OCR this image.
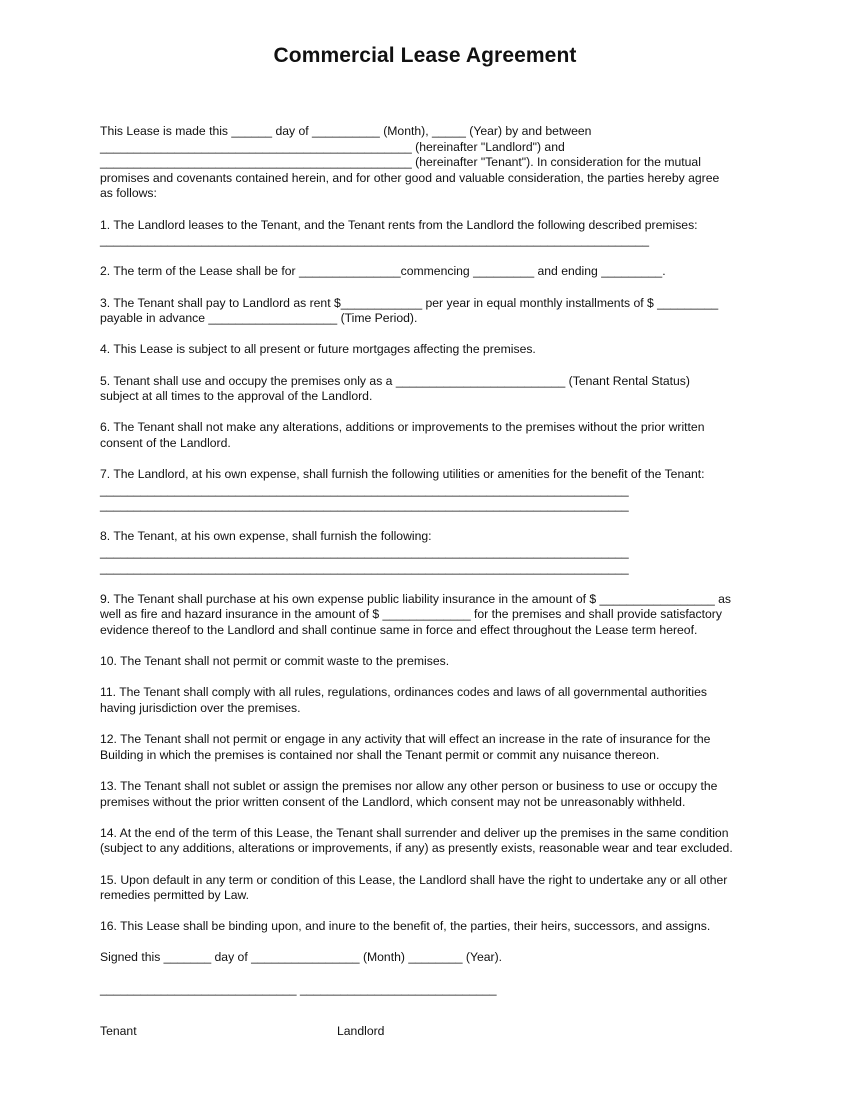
Commercial Lease Agreement
This Lease is made this ______ day of __________ (Month), _____ (Year) by and between
______________________________________________ (hereinafter "Landlord") and
______________________________________________ (hereinafter "Tenant"). In consideration for the mutual
promises and covenants contained herein, and for other good and valuable consideration, the parties hereby agree
as follows:
1. The Landlord leases to the Tenant, and the Tenant rents from the Landlord the following described premises:
_________________________________________________________________________________
2. The term of the Lease shall be for _______________commencing _________ and ending _________.
3. The Tenant shall pay to Landlord as rent $____________ per year in equal monthly installments of $ _________
payable in advance ___________________ (Time Period).
4. This Lease is subject to all present or future mortgages affecting the premises.
5. Tenant shall use and occupy the premises only as a _________________________ (Tenant Rental Status)
subject at all times to the approval of the Landlord.
6. The Tenant shall not make any alterations, additions or improvements to the premises without the prior written
consent of the Landlord.
7. The Landlord, at his own expense, shall furnish the following utilities or amenities for the benefit of the Tenant:
______________________________________________________________________________
______________________________________________________________________________
8. The Tenant, at his own expense, shall furnish the following:
______________________________________________________________________________
______________________________________________________________________________
9. The Tenant shall purchase at his own expense public liability insurance in the amount of $ _________________ as
well as fire and hazard insurance in the amount of $ _____________ for the premises and shall provide satisfactory
evidence thereof to the Landlord and shall continue same in force and effect throughout the Lease term hereof.
10. The Tenant shall not permit or commit waste to the premises.
11. The Tenant shall comply with all rules, regulations, ordinances codes and laws of all governmental authorities
having jurisdiction over the premises.
12. The Tenant shall not permit or engage in any activity that will effect an increase in the rate of insurance for the
Building in which the premises is contained nor shall the Tenant permit or commit any nuisance thereon.
13. The Tenant shall not sublet or assign the premises nor allow any other person or business to use or occupy the
premises without the prior written consent of the Landlord, which consent may not be unreasonably withheld.
14. At the end of the term of this Lease, the Tenant shall surrender and deliver up the premises in the same condition
(subject to any additions, alterations or improvements, if any) as presently exists, reasonable wear and tear excluded.
15. Upon default in any term or condition of this Lease, the Landlord shall have the right to undertake any or all other
remedies permitted by Law.
16. This Lease shall be binding upon, and inure to the benefit of, the parties, their heirs, successors, and assigns.
Signed this _______ day of ________________ (Month) ________ (Year).
_____________________________ _____________________________
Tenant	Landlord
